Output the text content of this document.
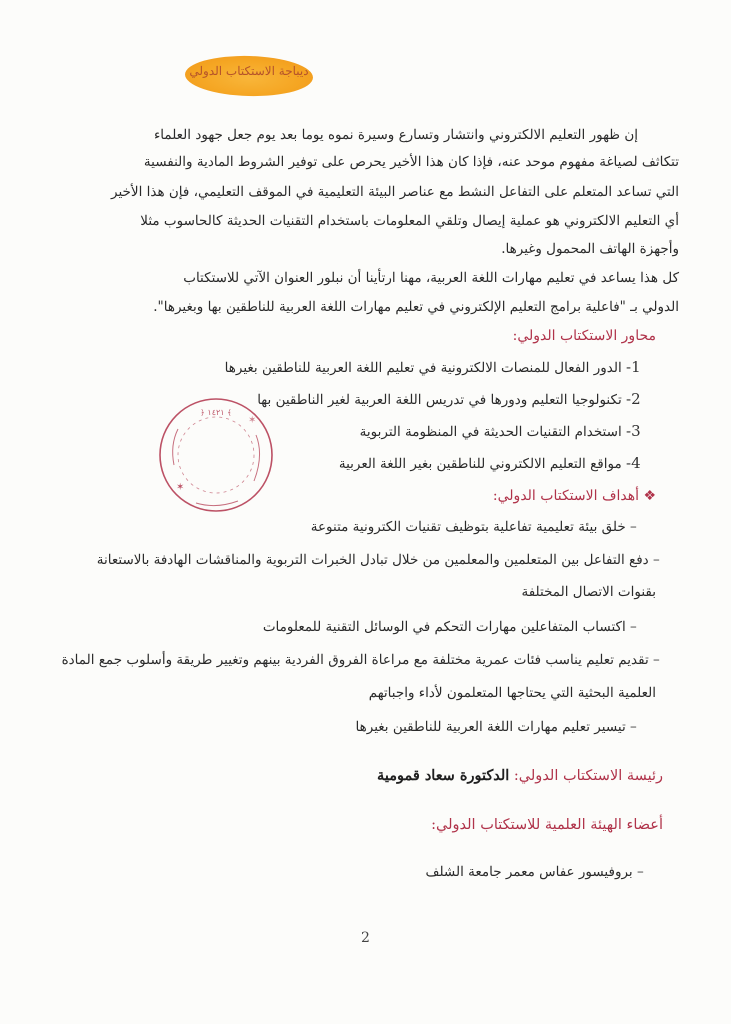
ديباجة الاستكتاب الدولي
إن ظهور التعليم الالكتروني وانتشار وتسارع وسيرة نموه يوما بعد يوم جعل جهود العلماء
تتكاثف لصياغة مفهوم موحد عنه، فإذا كان هذا الأخير يحرص على توفير الشروط المادية والنفسية
التي تساعد المتعلم على التفاعل النشط مع عناصر البيئة التعليمية في الموقف التعليمي، فإن هذا الأخير
أي التعليم الالكتروني هو عملية إيصال وتلقي المعلومات باستخدام التقنيات الحديثة كالحاسوب مثلا
وأجهزة الهاتف المحمول وغيرها.
كل هذا يساعد في تعليم مهارات اللغة العربية، مهنا ارتأينا أن نبلور العنوان الآتي للاستكتاب
الدولي بـ "فاعلية برامج التعليم الإلكتروني في تعليم مهارات اللغة العربية للناطقين بها وبغيرها".
محاور الاستكتاب الدولي:
1- الدور الفعال للمنصات الالكترونية في تعليم اللغة العربية للناطقين بغيرها
2- تكنولوجيا التعليم ودورها في تدريس اللغة العربية لغير الناطقين بها
3- استخدام التقنيات الحديثة في المنظومة التربوية
4- مواقع التعليم الالكتروني للناطقين بغير اللغة العربية
﴿ ١٤٢١ ﴾
✶
✶
❖ أهداف الاستكتاب الدولي:
– خلق بيئة تعليمية تفاعلية بتوظيف تقنيات الكترونية متنوعة
– دفع التفاعل بين المتعلمين والمعلمين من خلال تبادل الخبرات التربوية والمناقشات الهادفة بالاستعانة
بقنوات الاتصال المختلفة
– اكتساب المتفاعلين مهارات التحكم في الوسائل التقنية للمعلومات
– تقديم تعليم يناسب فئات عمرية مختلفة مع مراعاة الفروق الفردية بينهم وتغيير طريقة وأسلوب جمع المادة
العلمية البحثية التي يحتاجها المتعلمون لأداء واجباتهم
– تيسير تعليم مهارات اللغة العربية للناطقين بغيرها
رئيسة الاستكتاب الدولي: الدكتورة سعاد قمومية
أعضاء الهيئة العلمية للاستكتاب الدولي:
– بروفيسور عفاس معمر جامعة الشلف
2
